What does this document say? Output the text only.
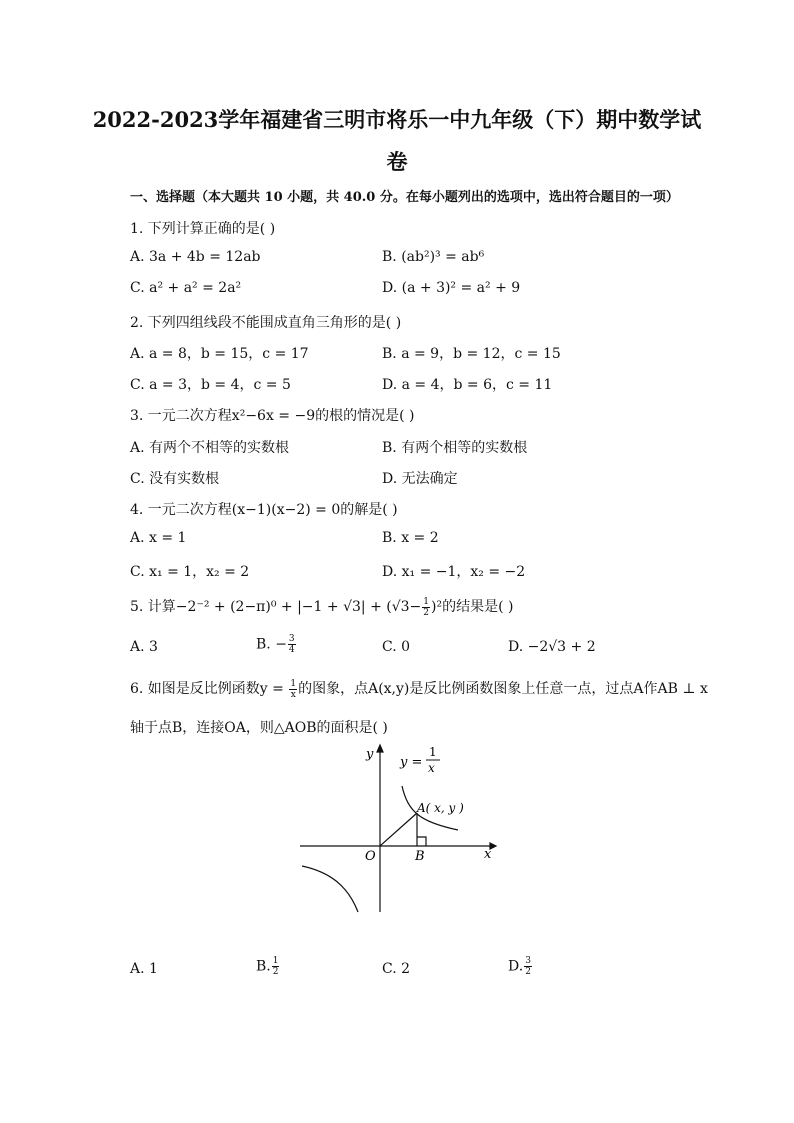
2022-2023学年福建省三明市将乐一中九年级（下）期中数学试
卷
一、选择题（本大题共 10 小题，共 40.0 分。在每小题列出的选项中，选出符合题目的一项）
1. 下列计算正确的是( )
A. 3a + 4b = 12ab	B. (ab²)³ = ab⁶
C. a² + a² = 2a²	D. (a + 3)² = a² + 9
2. 下列四组线段不能围成直角三角形的是( )
A. a = 8，b = 15，c = 17	B. a = 9，b = 12，c = 15
C. a = 3，b = 4，c = 5	D. a = 4，b = 6，c = 11
3. 一元二次方程x²−6x = −9的根的情况是( )
A. 有两个不相等的实数根	B. 有两个相等的实数根
C. 没有实数根	D. 无法确定
4. 一元二次方程(x−1)(x−2) = 0的解是( )
A. x = 1	B. x = 2
C. x₁ = 1，x₂ = 2	D. x₁ = −1，x₂ = −2
5. 计算$-2^{-2} + (2-\pi)^0 + |-1 + √3| + (√3- \frac{1}{2} )^2$的结果是( )
A. 3	B. − $\frac{3}{4}$	C. 0	D. −2√3 + 2
6. 如图是反比例函数$y = \frac{1}{x}$ 的图象，点A(x,y)是反比例函数图象上任意一点，过点A作AB ⊥ x
轴于点B，连接OA，则△AOB的面积是( )
y
x
O	B
A( x, y )
y =
1
x
A. 1	B. $\frac{1}{2}$	C. 2	D. $\frac{3}{2}$
